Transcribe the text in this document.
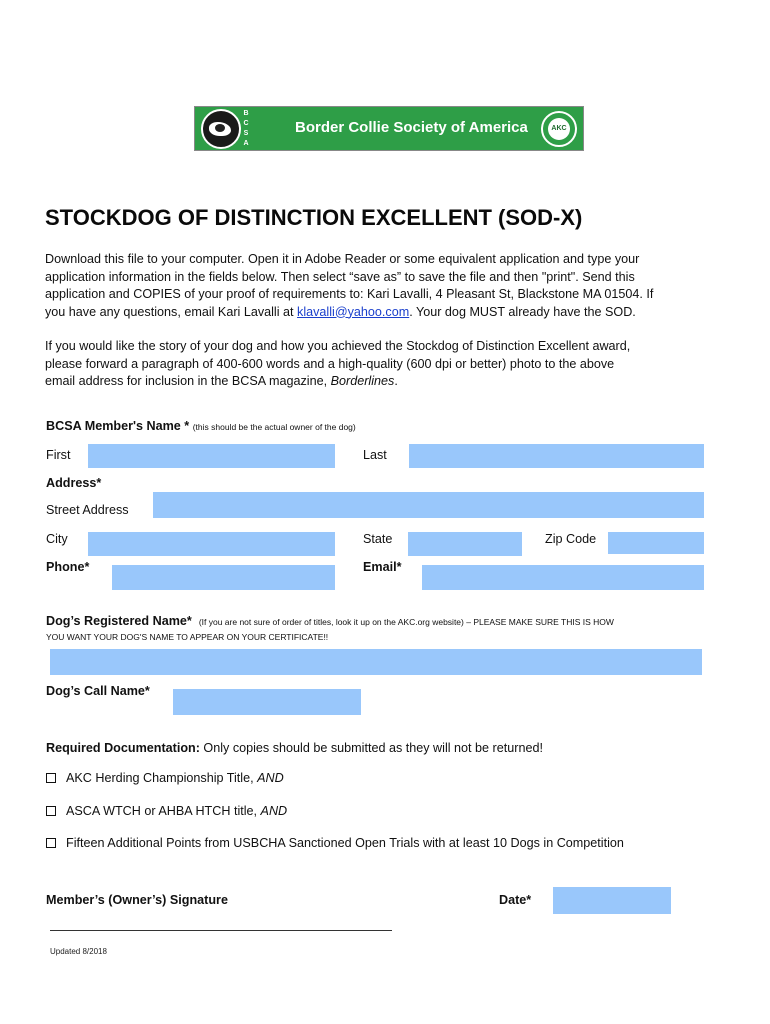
B
C
S
A
Border Collie Society of America	AKC
STOCKDOG OF DISTINCTION EXCELLENT (SOD-X)
Download this file to your computer. Open it in Adobe Reader or some equivalent application and type your
application information in the fields below. Then select “save as” to save the file and then "print". Send this
application and COPIES of your proof of requirements to: Kari Lavalli, 4 Pleasant St, Blackstone MA 01504. If
you have any questions, email Kari Lavalli at klavalli@yahoo.com. Your dog MUST already have the SOD.
If you would like the story of your dog and how you achieved the Stockdog of Distinction Excellent award,
please forward a paragraph of 400-600 words and a high-quality (600 dpi or better) photo to the above
email address for inclusion in the BCSA magazine, Borderlines.
BCSA Member's Name * (this should be the actual owner of the dog)
First	Last
Address*
Street Address
City	State	Zip Code
Phone*	Email*
Dog’s Registered Name* (If you are not sure of order of titles, look it up on the AKC.org website) – PLEASE MAKE SURE THIS IS HOW
YOU WANT YOUR DOG'S NAME TO APPEAR ON YOUR CERTIFICATE!!
Dog’s Call Name*
Required Documentation: Only copies should be submitted as they will not be returned!
AKC Herding Championship Title, AND
ASCA WTCH or AHBA HTCH title, AND
Fifteen Additional Points from USBCHA Sanctioned Open Trials with at least 10 Dogs in Competition
Member’s (Owner’s) Signature	Date*
Updated 8/2018
